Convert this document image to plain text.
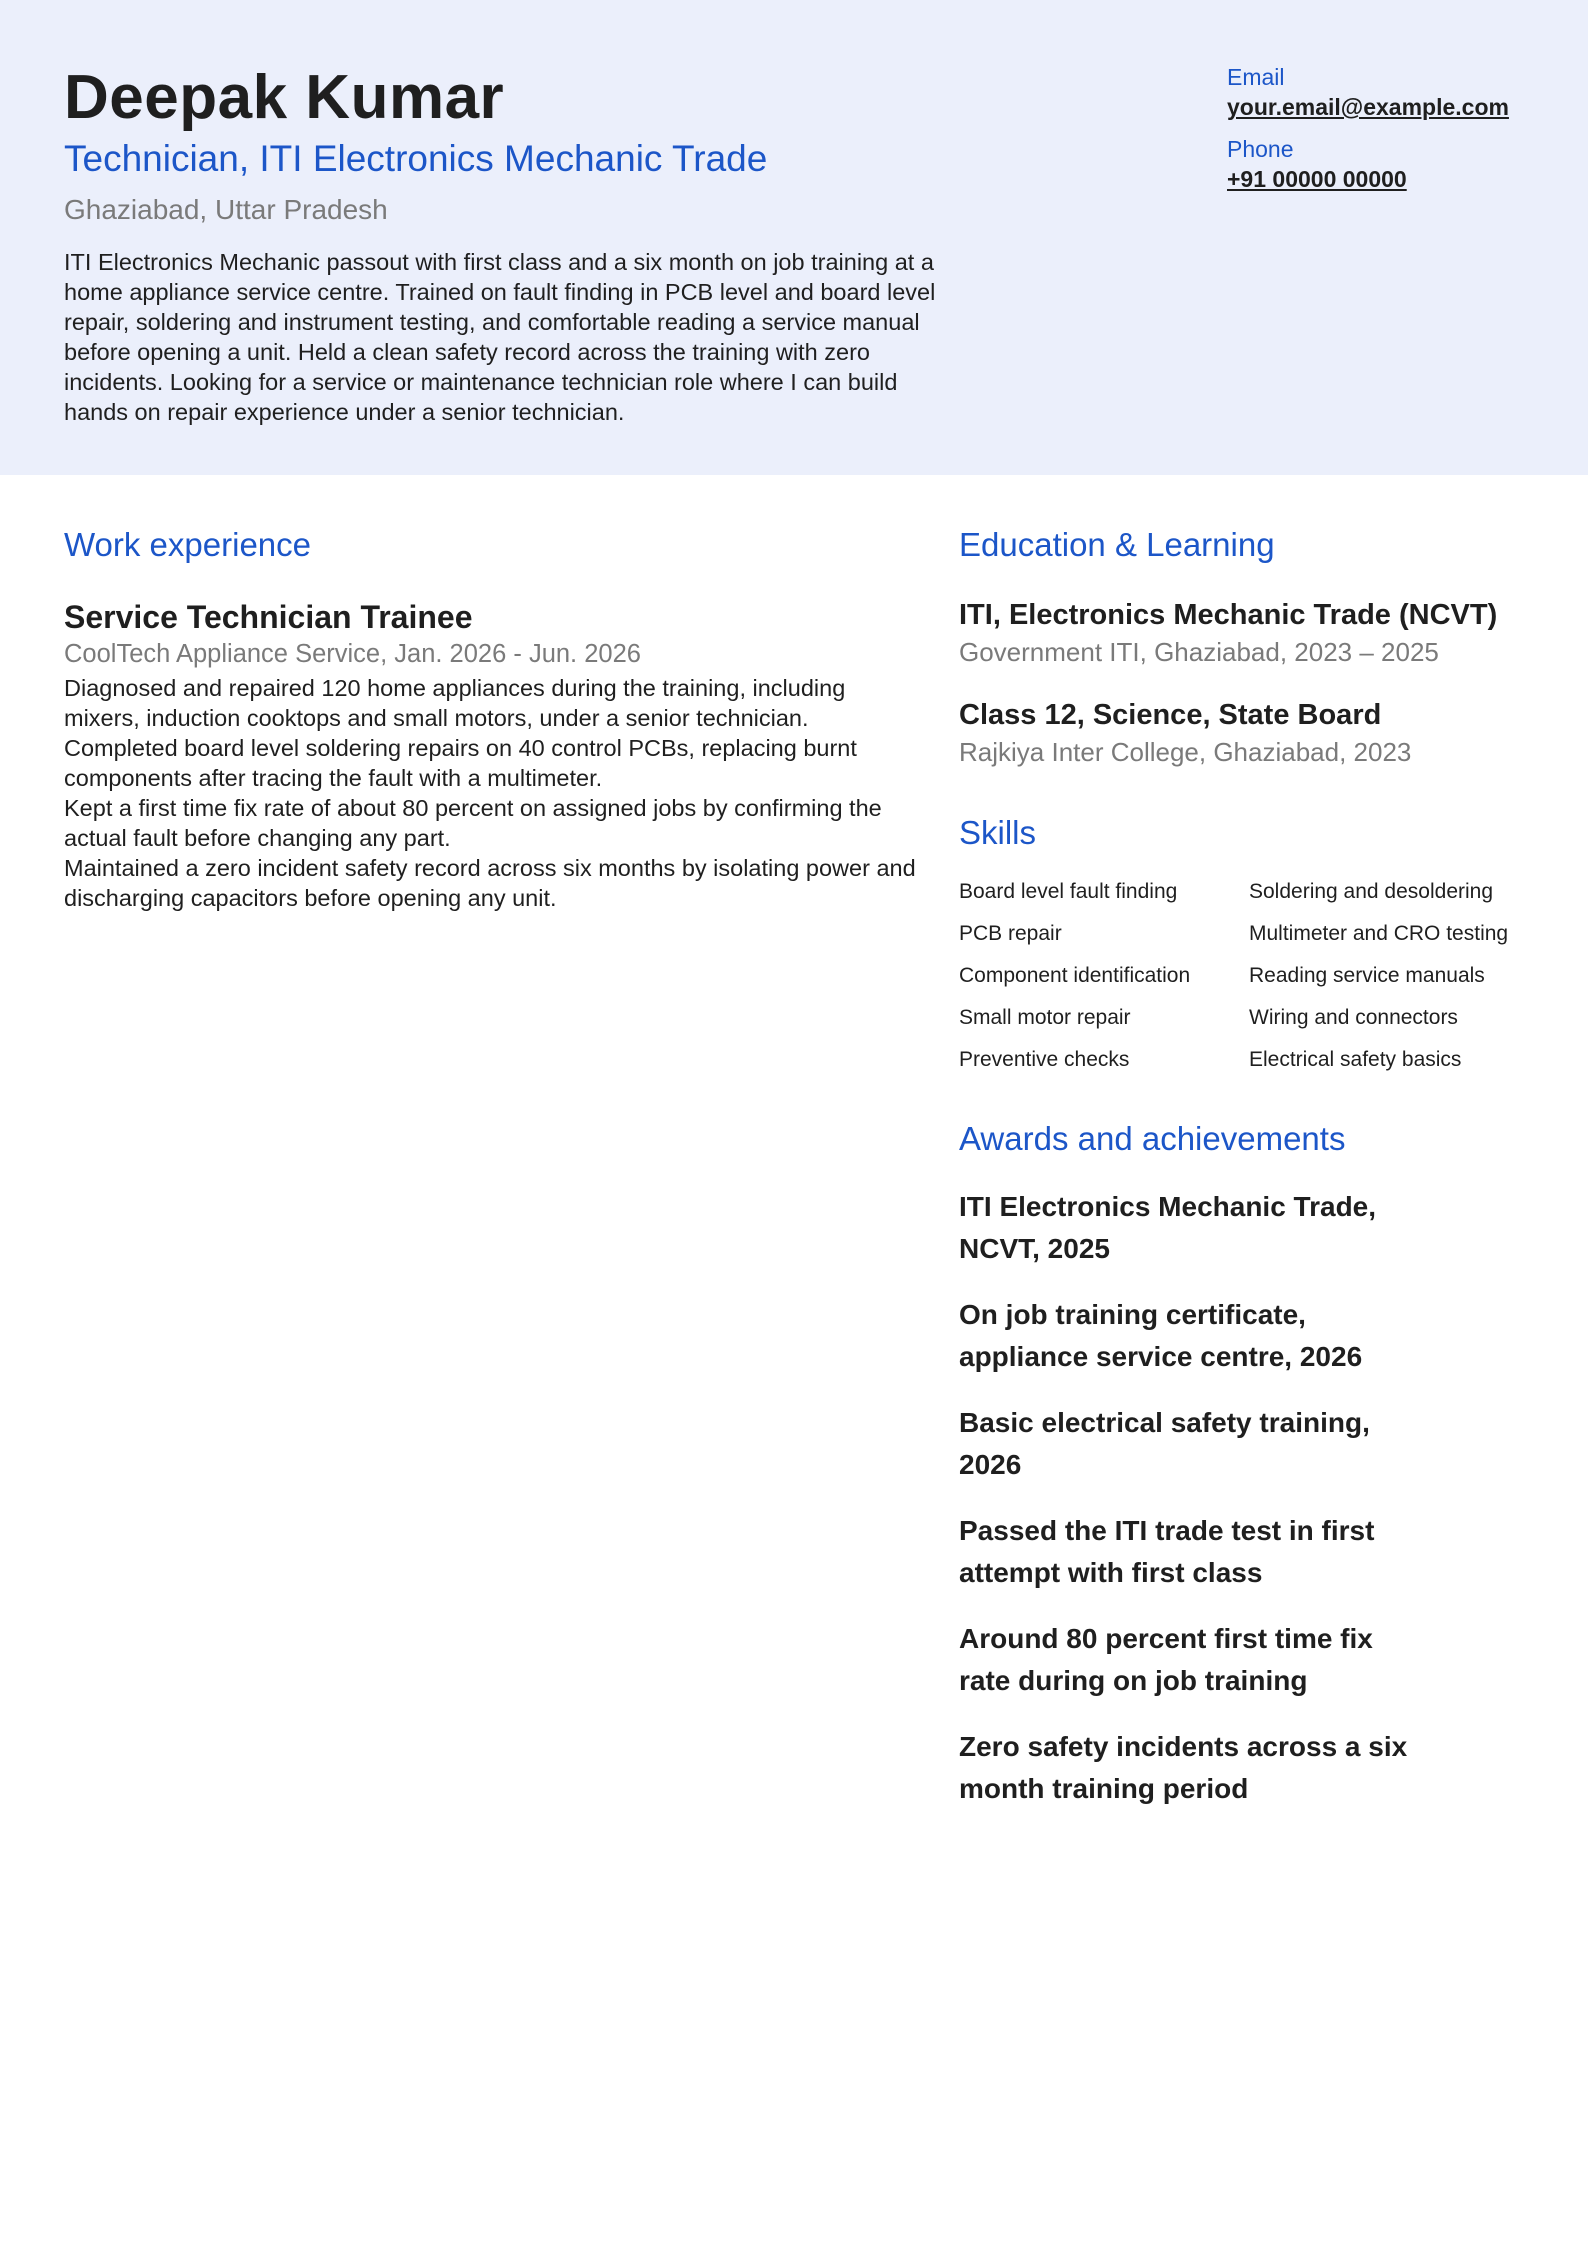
Deepak Kumar
Technician, ITI Electronics Mechanic Trade
Ghaziabad, Uttar Pradesh

ITI Electronics Mechanic passout with first class and a six month on job training at a home appliance service centre. Trained on fault finding in PCB level and board level repair, soldering and instrument testing, and comfortable reading a service manual before opening a unit. Held a clean safety record across the training with zero incidents. Looking for a service or maintenance technician role where I can build hands on repair experience under a senior technician.

Email
your.email@example.com
Phone
+91 00000 00000
Work experience
Service Technician Trainee
CoolTech Appliance Service, Jan. 2026 - Jun. 2026
Diagnosed and repaired 120 home appliances during the training, including mixers, induction cooktops and small motors, under a senior technician.
Completed board level soldering repairs on 40 control PCBs, replacing burnt components after tracing the fault with a multimeter.
Kept a first time fix rate of about 80 percent on assigned jobs by confirming the actual fault before changing any part.
Maintained a zero incident safety record across six months by isolating power and discharging capacitors before opening any unit.
Education & Learning
ITI, Electronics Mechanic Trade (NCVT)
Government ITI, Ghaziabad, 2023 – 2025
Class 12, Science, State Board
Rajkiya Inter College, Ghaziabad, 2023
Skills
Board level fault finding	Soldering and desoldering
PCB repair	Multimeter and CRO testing
Component identification	Reading service manuals
Small motor repair	Wiring and connectors
Preventive checks	Electrical safety basics
Awards and achievements
ITI Electronics Mechanic Trade, NCVT, 2025
On job training certificate, appliance service centre, 2026
Basic electrical safety training, 2026
Passed the ITI trade test in first attempt with first class
Around 80 percent first time fix rate during on job training
Zero safety incidents across a six month training period
